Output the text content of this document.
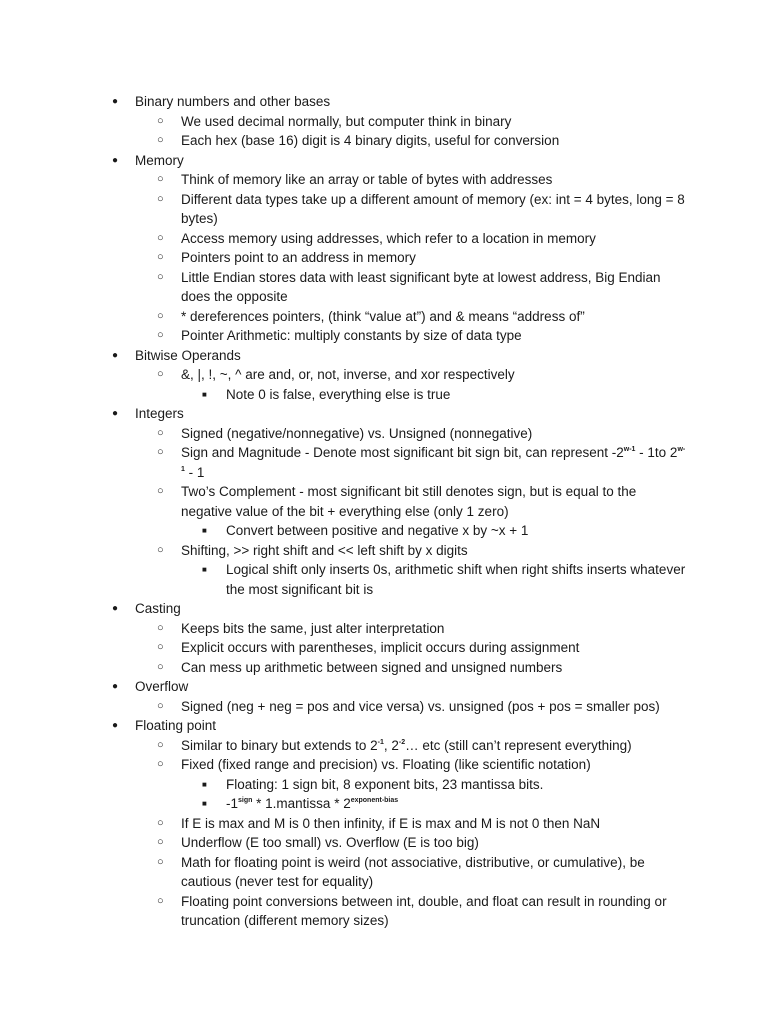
● Binary numbers and other bases
○ We used decimal normally, but computer think in binary
○ Each hex (base 16) digit is 4 binary digits, useful for conversion
● Memory
○ Think of memory like an array or table of bytes with addresses
○ Different data types take up a different amount of memory (ex: int = 4 bytes, long = 8 bytes)
○ Access memory using addresses, which refer to a location in memory
○ Pointers point to an address in memory
○ Little Endian stores data with least significant byte at lowest address, Big Endian does the opposite
○ * dereferences pointers, (think “value at”) and & means “address of”
○ Pointer Arithmetic: multiply constants by size of data type
● Bitwise Operands
○ &, |, !, ~, ^ are and, or, not, inverse, and xor respectively
■ Note 0 is false, everything else is true
● Integers
○ Signed (negative/nonnegative) vs. Unsigned (nonnegative)
○ Sign and Magnitude - Denote most significant bit sign bit, can represent -2$^{w-1}$ - 1to 2$^{w-1}$ - 1
○ Two’s Complement - most significant bit still denotes sign, but is equal to the negative value of the bit + everything else (only 1 zero)
■ Convert between positive and negative x by ~x + 1
○ Shifting, >> right shift and << left shift by x digits
■ Logical shift only inserts 0s, arithmetic shift when right shifts inserts whatever the most significant bit is
● Casting
○ Keeps bits the same, just alter interpretation
○ Explicit occurs with parentheses, implicit occurs during assignment
○ Can mess up arithmetic between signed and unsigned numbers
● Overflow
○ Signed (neg + neg = pos and vice versa) vs. unsigned (pos + pos = smaller pos)
● Floating point
○ Similar to binary but extends to $2^{-1}$, $2^{-2}\dots$ etc (still can’t represent everything)
○ Fixed (fixed range and precision) vs. Floating (like scientific notation)
■ Floating: 1 sign bit, 8 exponent bits, 23 mantissa bits.
■ $-1^{sign}$ * 1.mantissa * $2^{exponent-bias}$
○ If E is max and M is 0 then infinity, if E is max and M is not 0 then NaN
○ Underflow (E too small) vs. Overflow (E is too big)
○ Math for floating point is weird (not associative, distributive, or cumulative), be cautious (never test for equality)
○ Floating point conversions between int, double, and float can result in rounding or truncation (different memory sizes)
